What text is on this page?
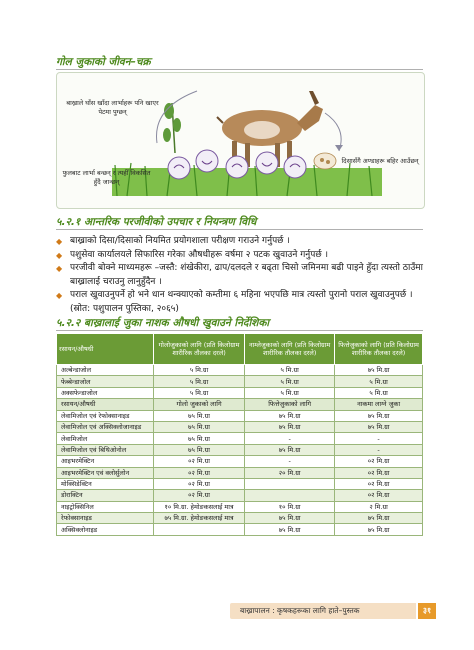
गोल जुकाको जीवन–चक्र
बाख्राले घाँस खाँदा लार्भाहरू पनि खाएर पेटमा पुग्छन्
फुलबाट लार्भा बन्छन् र त्यहीँ विकसित हुँदै जान्छन्
दिसासँगै अण्डाहरू बहिर आउँछन्
५.२.१ आन्तरिक परजीवीको उपचार र नियन्त्रण विधि
◆ बाख्राको दिसा/दिसाको नियमित प्रयोगशाला परीक्षण गराउने गर्नुपर्छ ।
◆ पशुसेवा कार्यालयले सिफारिस गरेका औषधीहरू वर्षमा २ पटक खुवाउने गर्नुपर्छ ।
◆ परजीवी बोक्ने माध्यमहरू –जस्तै: शंखेकीरा, ढाप/दलदले र बढ्ता चिसो जमिनमा बढी पाइने हुँदा त्यस्तो ठाउँमा बाख्रालाई चराउनु लानुहुँदैन ।
◆ पराल खुवाउनुपर्ने हो भने धान थन्क्याएको कम्तीमा ६ महिना भएपछि मात्र त्यस्तो पुरानो पराल खुवाउनुपर्छ । (स्रोत: पशुपालन पुस्तिका, २०६५)
५.२.२ बाख्रालाई जुका नाशक औषधी खुवाउने निर्देशिका
रसायन/औषधी	गोलोजुकाको लागि (प्रति किलोग्राम शारीरिक तौलका दरले)	नाम्लेजुकाको लागि (प्रति किलोग्राम शारीरिक तौलका दरले)	फित्तेजुकाको लागि (प्रति किलोग्राम शारीरिक तौलका दरले)
अल्बेन्डाजोल	५ मि.ग्रा	५ मि.ग्रा	७५ मि.ग्रा
फेब्बेन्डाजोल	५ मि.ग्रा	५ मि.ग्रा	५ मि.ग्रा
अक्सफेन्डाजोल	५ मि.ग्रा	५ मि.ग्रा	५ मि.ग्रा
रसायन/औषधी	गोलो जुकाको लागि	फित्तेजुकाको लागि	नाकमा लाग्ने जुका
लेवामिजोल एवं रेफोक्सानाइड	७५ मि.ग्रा	७५ मि.ग्रा	७५ मि.ग्रा
लेवामिजोल एवं अक्सिक्लोजानाइड	७५ मि.ग्रा	७५ मि.ग्रा	७५ मि.ग्रा
लेवामिजोल	७५ मि.ग्रा	-	-
लेवामिजोल एवं बिथिओनोल	७५ मि.ग्रा	७५ मि.ग्रा	-
आइभरमेक्टिन	०२ मि.ग्रा	-	०२ मि.ग्रा
आइभरमेक्टिन एवं क्लोर्सुलोन	०२ मि.ग्रा	२० मि.ग्रा	०२ मि.ग्रा
मोक्सिडेक्टिन	०२ मि.ग्रा		०२ मि.ग्रा
डोराक्टिन	०२ मि.ग्रा		०२ मि.ग्रा
नाइट्रोक्सिनिल	१० मि.ग्रा. हेमोङकसलाई मात्र	१० मि.ग्रा	२ मि.ग्रा
रेफोक्सानाइड	७५ मि.ग्रा. हेमोङकसलाई मात्र	७५ मि.ग्रा	७५ मि.ग्रा
अक्सिक्लोनाइड		७५ मि.ग्रा	७५ मि.ग्रा
बाख्रापालन : कृषकहरूका लागि हाते–पुस्तक	३१
